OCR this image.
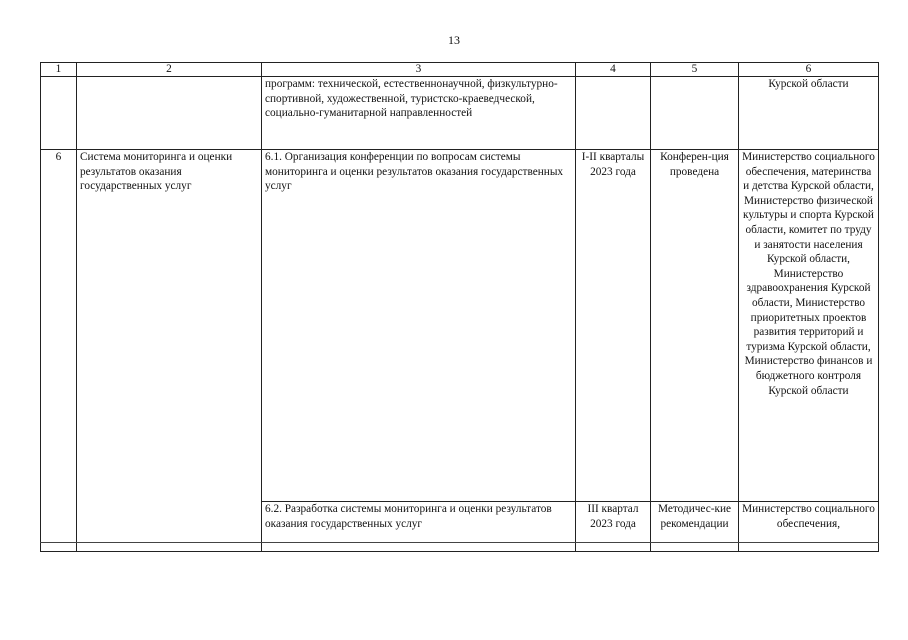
13
1	2	3	4	5	6
		программ: технической, естественнонаучной, физкультурно-спортивной, художественной, туристско-краеведческой, социально-гуманитарной направленностей			Курской области
6	Система мониторинга и оценки результатов оказания государственных услуг	6.1. Организация конференции по вопросам системы мониторинга и оценки результатов оказания государственных услуг	I-II кварталы 2023 года	Конферен-ция проведена	Министерство социального обеспечения, материнства и детства Курской области, Министерство физической культуры и спорта Курской области, комитет по труду и занятости населения Курской области, Министерство здравоохранения Курской области, Министерство приоритетных проектов развития территорий и туризма Курской области, Министерство финансов и бюджетного контроля Курской области
		6.2. Разработка системы мониторинга и оценки результатов оказания государственных услуг	III квартал 2023 года	Методичес-кие рекомендации	Министерство социального обеспечения,
